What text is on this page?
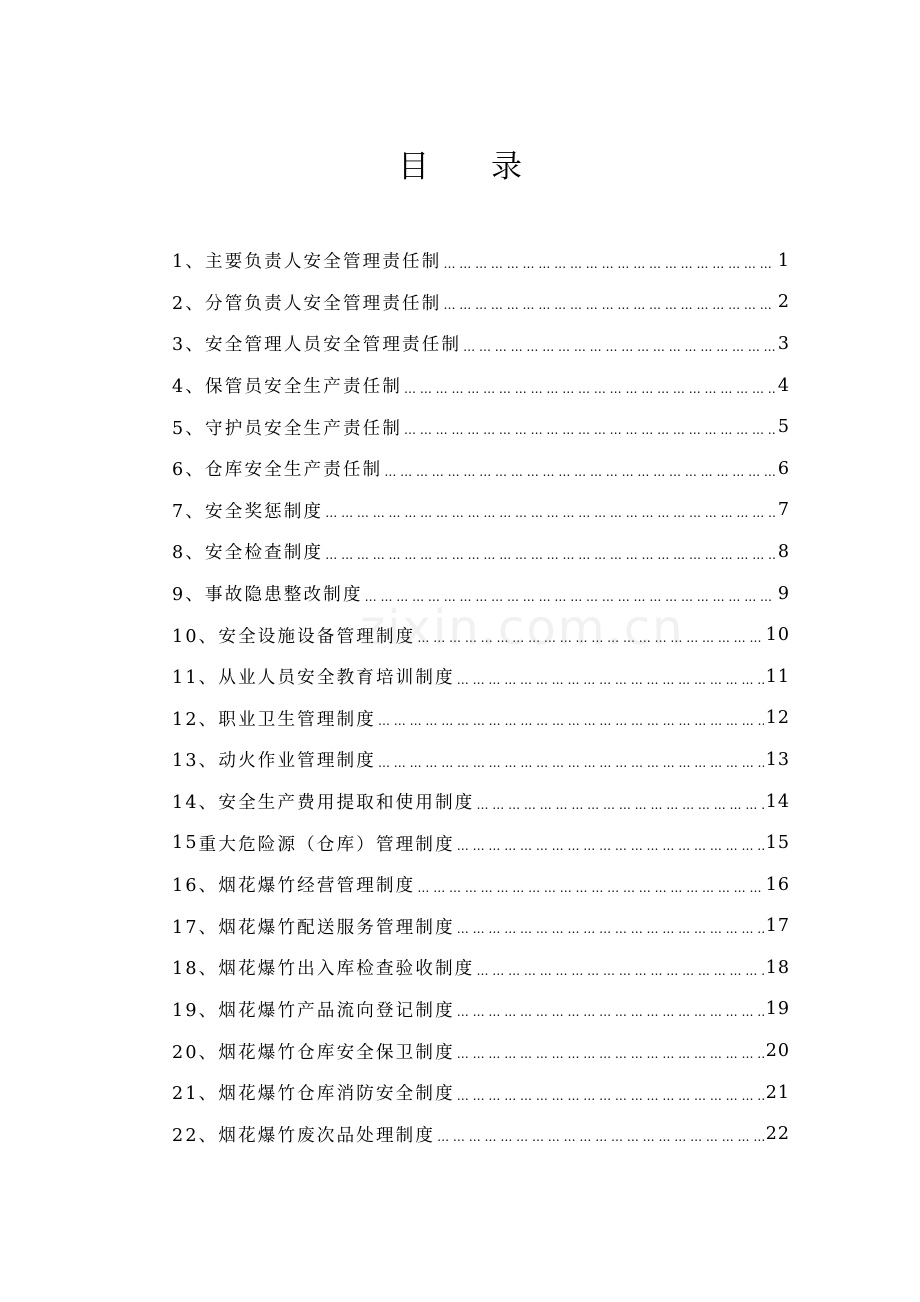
目 录
1、 主要负责人安全管理责任制 … … … … … … … … … … … … … … … … … … … … … … … … … … … … … … … … … … … … … … … … … … … … … … … … … … … … … … …	1
2、 分管负责人安全管理责任制 … … … … … … … … … … … … … … … … … … … … … … … … … … … … … … … … … … … … … … … … … … … … … … … … … … … … … … …	2
3、 安全管理人员安全管理责任制 … … … … … … … … … … … … … … … … … … … … … … … … … … … … … … … … … … … … … … … … … … … … … … … … … … … … … … …	3
4、 保管员安全生产责任制 … … … … … … … … … … … … … … … … … … … … … … … … … … … … … … … … … … … … … … … … … … … … … … … … … … … … … … …	4
5、 守护员安全生产责任制 … … … … … … … … … … … … … … … … … … … … … … … … … … … … … … … … … … … … … … … … … … … … … … … … … … … … … … …	5
6、 仓库安全生产责任制 … … … … … … … … … … … … … … … … … … … … … … … … … … … … … … … … … … … … … … … … … … … … … … … … … … … … … … …	6
7、 安全奖惩制度 … … … … … … … … … … … … … … … … … … … … … … … … … … … … … … … … … … … … … … … … … … … … … … … … … … … … … … …	7
8、 安全检查制度 … … … … … … … … … … … … … … … … … … … … … … … … … … … … … … … … … … … … … … … … … … … … … … … … … … … … … … …	8
9、 事故隐患整改制度 … … … … … … … … … … … … … … … … … … … … … … … … … … … … … … … … … … … … … … … … … … … … … … … … … … … … … … …	9
10、 安全设施设备管理制度 … … … … … … … … … … … … … … … … … … … … … … … … … … … … … … … … … … … … … … … … … … … … … … … … … … … … … … …	10
11、 从业人员安全教育培训制度 … … … … … … … … … … … … … … … … … … … … … … … … … … … … … … … … … … … … … … … … … … … … … … … … … … … … … … …	11
12、 职业卫生管理制度 … … … … … … … … … … … … … … … … … … … … … … … … … … … … … … … … … … … … … … … … … … … … … … … … … … … … … … …	12
13、 动火作业管理制度 … … … … … … … … … … … … … … … … … … … … … … … … … … … … … … … … … … … … … … … … … … … … … … … … … … … … … … …	13
14、 安全生产费用提取和使用制度 … … … … … … … … … … … … … … … … … … … … … … … … … … … … … … … … … … … … … … … … … … … … … … … … … … … … … … …	14
15 重大危险源（仓库）管理制度 … … … … … … … … … … … … … … … … … … … … … … … … … … … … … … … … … … … … … … … … … … … … … … … … … … … … … … …	15
16、 烟花爆竹经营管理制度 … … … … … … … … … … … … … … … … … … … … … … … … … … … … … … … … … … … … … … … … … … … … … … … … … … … … … … …	16
17、 烟花爆竹配送服务管理制度 … … … … … … … … … … … … … … … … … … … … … … … … … … … … … … … … … … … … … … … … … … … … … … … … … … … … … … …	17
18、 烟花爆竹出入库检查验收制度 … … … … … … … … … … … … … … … … … … … … … … … … … … … … … … … … … … … … … … … … … … … … … … … … … … … … … … …	18
19、 烟花爆竹产品流向登记制度 … … … … … … … … … … … … … … … … … … … … … … … … … … … … … … … … … … … … … … … … … … … … … … … … … … … … … … …	19
20、 烟花爆竹仓库安全保卫制度 … … … … … … … … … … … … … … … … … … … … … … … … … … … … … … … … … … … … … … … … … … … … … … … … … … … … … … …	20
21、 烟花爆竹仓库消防安全制度 … … … … … … … … … … … … … … … … … … … … … … … … … … … … … … … … … … … … … … … … … … … … … … … … … … … … … … …	21
22、 烟花爆竹废次品处理制度 … … … … … … … … … … … … … … … … … … … … … … … … … … … … … … … … … … … … … … … … … … … … … … … … … … … … … … …	22
zixin.com.cn
